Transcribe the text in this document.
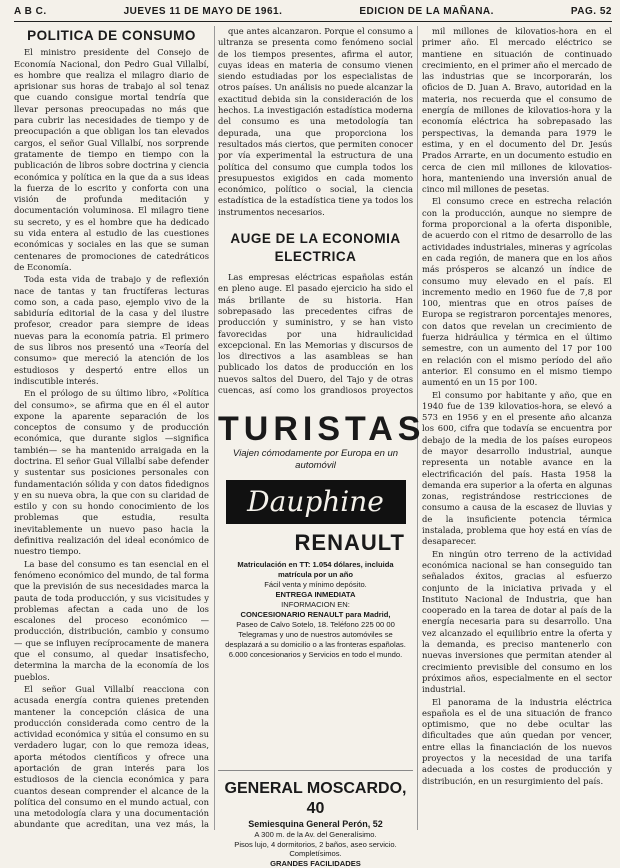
A B C.	JUEVES 11 DE MAYO DE 1961.	EDICION DE LA MAÑANA.	PAG. 52
POLITICA DE CONSUMO

El ministro presidente del Consejo de Economía Nacional, don Pedro Gual Villalbí, es hombre que realiza el milagro diario de aprisionar sus horas de trabajo al sol tenaz que cuando consigue mortal tendría que llevar personas preocupadas no más que para cubrir las necesidades de tiempo y de preocupación a que obligan los tan elevados cargos, el señor Gual Villalbí, nos sorprende gratamente de tiempo en tiempo con la publicación de libros sobre doctrina y ciencia económica y política en la que da a sus ideas la fuerza de lo escrito y conforta con una visión de profunda meditación y documentación voluminosa. El milagro tiene su secreto, y es el hombre que ha dedicado su vida entera al estudio de las cuestiones económicas y sociales en las que se suman centenares de promociones de catedráticos de Economía.

Toda esta vida de trabajo y de reflexión nace de tantas y tan fructíferas lecturas como son, a cada paso, ejemplo vivo de la sabiduría editorial de la casa y del ilustre profesor, creador para siempre de ideas nuevas para la economía patria. El primero de sus libros nos presentó una «Teoría del consumo» que mereció la atención de los estudiosos y despertó entre ellos un indiscutible interés.

En el prólogo de su último libro, «Política del consumo», se afirma que en él el autor expone la aparente separación de los conceptos de consumo y de producción económica, que durante siglos —significa también— se ha mantenido arraigada en la doctrina. El señor Gual Villalbí sabe defender y sustentar sus posiciones personales con fundamentación sólida y con datos fidedignos y en su nueva obra, la que con su claridad de estilo y con su hondo conocimiento de los problemas que estudia, resulta inevitablemente un nuevo paso hacia la definitiva realización del ideal económico de nuestro tiempo.

La base del consumo es tan esencial en el fenómeno económico del mundo, de tal forma que la previsión de sus necesidades marca la pauta de toda producción, y sus vicisitudes y problemas afectan a cada uno de los escalones del proceso económico —producción, distribución, cambio y consumo— que se influyen recíprocamente de manera que el consumo, al quedar insatisfecho, determina la marcha de la economía de los pueblos.

El señor Gual Villalbí reacciona con acusada energía contra quienes pretenden mantener la concepción clásica de una producción considerada como centro de la actividad económica y sitúa el consumo en su verdadero lugar, con lo que remoza ideas, aporta métodos científicos y ofrece una aportación de gran interés para los estudiosos de la ciencia económica y para cuantos desean comprender el alcance de la política del consumo en el mundo actual, con una metodología clara y una documentación abundante que acreditan, una vez más, la

que antes alcanzaron. Porque el consumo a ultranza se presenta como fenómeno social de los tiempos presentes, afirma el autor, cuyas ideas en materia de consumo vienen siendo estudiadas por los especialistas de otros países. Un análisis no puede alcanzar la exactitud debida sin la consideración de los hechos. La investigación estadística moderna del consumo es una metodología tan depurada, una que proporciona los resultados más ciertos, que permiten conocer por vía experimental la estructura de una política del consumo que cumpla todos los presupuestos exigidos en cada momento económico, político o social, la ciencia estadística de la estadística tiene ya todos los instrumentos necesarios.

AUGE DE LA ECONOMIA ELECTRICA

Las empresas eléctricas españolas están en pleno auge. El pasado ejercicio ha sido el más brillante de su historia. Han sobrepasado las precedentes cifras de producción y suministro, y se han visto favorecidas por una hidraulicidad excepcional. En las Memorias y discursos de los directivos a las asambleas se han publicado los datos de producción en los nuevos saltos del Duero, del Tajo y de otras cuencas, así como los grandiosos proyectos

TURISTAS
Viajen cómodamente por Europa en un automóvil
Dauphine
RENAULT
Matriculación en TT: 1.054 dólares, incluida matrícula por un año
Fácil venta y mínimo depósito.
ENTREGA INMEDIATA
INFORMACION EN:
CONCESIONARIO RENAULT para Madrid,
Paseo de Calvo Sotelo, 18. Teléfono 225 00 00
Telegramas y uno de nuestros automóviles se desplazará a su domicilio o a las fronteras españolas.
6.000 concesionarios y Servicios en todo el mundo.
GENERAL MOSCARDO, 40
Semiesquina General Perón, 52
A 300 m. de la Av. del Generalísimo.
Pisos lujo, 4 dormitorios, 2 baños, aseo servicio. Completísimos.
GRANDES FACILIDADES

mil millones de kilovatios-hora en el primer año. El mercado eléctrico se mantiene en situación de continuado crecimiento, en el primer año el mercado de las industrias que se incorporarán, los oficios de D. Juan A. Bravo, autoridad en la materia, nos recuerda que el consumo de energía de millones de kilovatios-hora y la economía eléctrica ha sobrepasado las perspectivas, la demanda para 1979 le estima, y en el documento del Dr. Jesús Prados Arrarte, en un documento estudio en cerca de cien mil millones de kilovatios-hora, manteniendo una inversión anual de cinco mil millones de pesetas.

El consumo crece en estrecha relación con la producción, aunque no siempre de forma proporcional a la oferta disponible, de acuerdo con el ritmo de desarrollo de las actividades industriales, mineras y agrícolas en cada región, de manera que en los años más prósperos se alcanzó un índice de consumo muy elevado en el país. El incremento medio en 1960 fue de 7,8 por 100, mientras que en otros países de Europa se registraron porcentajes menores, con datos que revelan un crecimiento de fuerza hidráulica y térmica en el último semestre, con un aumento del 17 por 100 en relación con el mismo período del año anterior. El consumo en el mismo tiempo aumentó en un 15 por 100.

El consumo por habitante y año, que en 1940 fue de 139 kilovatios-hora, se elevó a 573 en 1956 y en el presente año alcanza los 600, cifra que todavía se encuentra por debajo de la media de los países europeos de mayor desarrollo industrial, aunque representa un notable avance en la electrificación del país. Hasta 1958 la demanda era superior a la oferta en algunas zonas, registrándose restricciones de consumo a causa de la escasez de lluvias y de la insuficiente potencia térmica instalada, problema que hoy está en vías de desaparecer.

En ningún otro terreno de la actividad económica nacional se han conseguido tan señalados éxitos, gracias al esfuerzo conjunto de la iniciativa privada y el Instituto Nacional de Industria, que han cooperado en la tarea de dotar al país de la energía necesaria para su desarrollo. Una vez alcanzado el equilibrio entre la oferta y la demanda, es preciso mantenerlo con nuevas inversiones que permitan atender al crecimiento previsible del consumo en los próximos años, especialmente en el sector industrial.

El panorama de la industria eléctrica española es el de una situación de franco optimismo, que no debe ocultar las dificultades que aún quedan por vencer, entre ellas la financiación de los nuevos proyectos y la necesidad de una tarifa adecuada a los costes de producción y distribución, en un resurgimiento del país.
